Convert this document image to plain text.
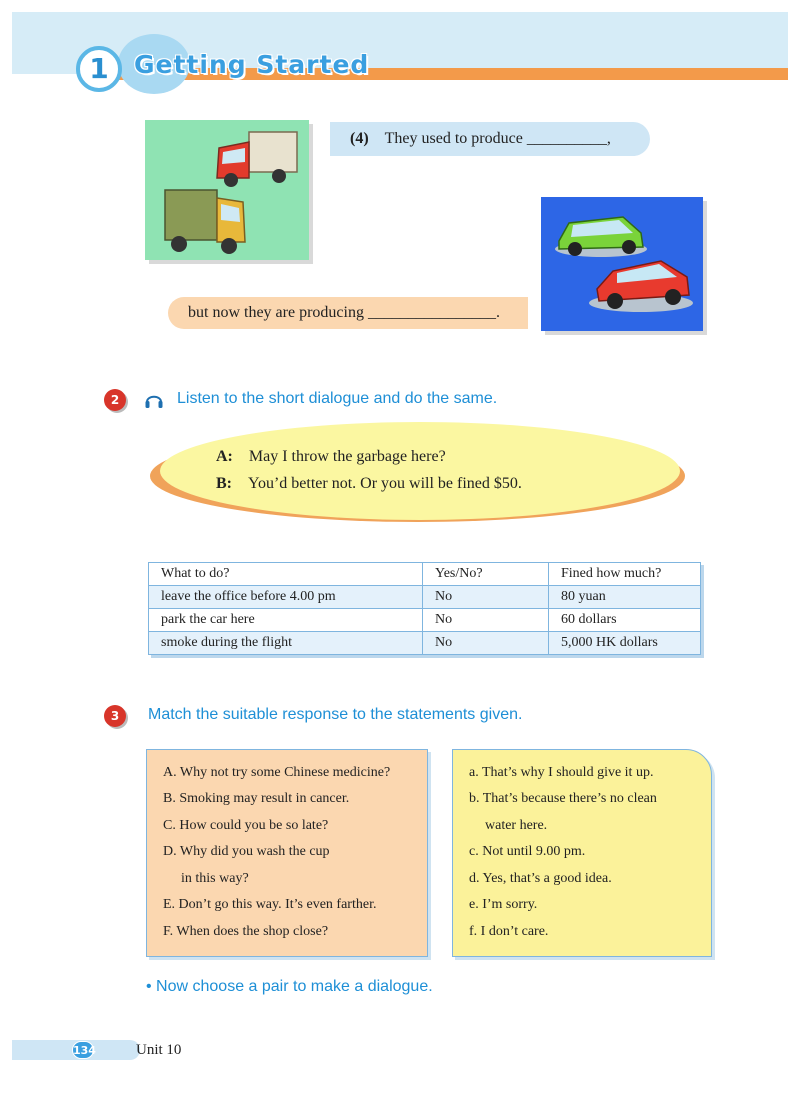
1	Getting Started
(4) They used to produce __________,
but now they are producing ________________.
2	Listen to the short dialogue and do the same.
A: May I throw the garbage here?
B: You’d better not. Or you will be fined $50.
What to do?	Yes/No?	Fined how much?
leave the office before 4.00 pm	No	80 yuan
park the car here	No	60 dollars
smoke during the flight	No	5,000 HK dollars
3	Match the suitable response to the statements given.
A. Why not try some Chinese medicine?
B. Smoking may result in cancer.
C. How could you be so late?
D. Why did you wash the cup
in this way?
E. Don’t go this way. It’s even farther.
F. When does the shop close?
a. That’s why I should give it up.
b. That’s because there’s no clean
water here.
c. Not until 9.00 pm.
d. Yes, that’s a good idea.
e. I’m sorry.
f. I don’t care.
• Now choose a pair to make a dialogue.
134	Unit 10
